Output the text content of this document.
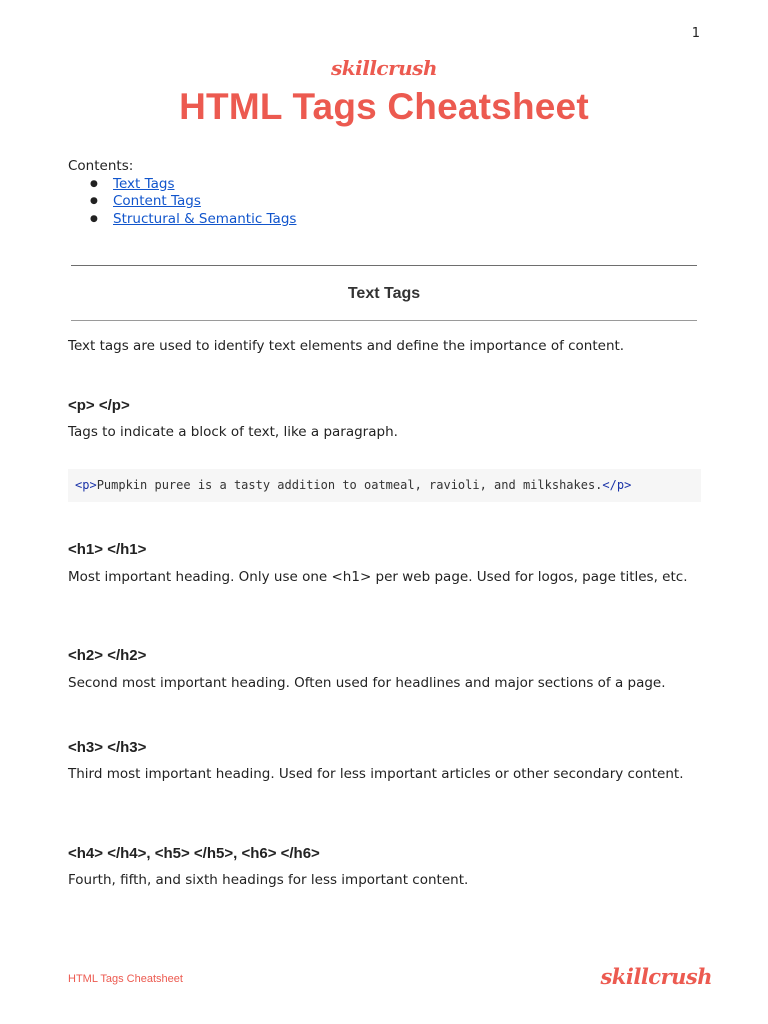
1
skillcrush
HTML Tags Cheatsheet
Contents:
● Text Tags
● Content Tags
● Structural & Semantic Tags
Text Tags
Text tags are used to identify text elements and define the importance of content.
<p> </p>
Tags to indicate a block of text, like a paragraph.
<p>Pumpkin puree is a tasty addition to oatmeal, ravioli, and milkshakes.</p>
<h1> </h1>
Most important heading. Only use one <h1> per web page. Used for logos, page titles, etc.
<h2> </h2>
Second most important heading. Often used for headlines and major sections of a page.
<h3> </h3>
Third most important heading. Used for less important articles or other secondary content.
<h4> </h4>, <h5> </h5>, <h6> </h6>
Fourth, fifth, and sixth headings for less important content.
HTML Tags Cheatsheet	skillcrush
